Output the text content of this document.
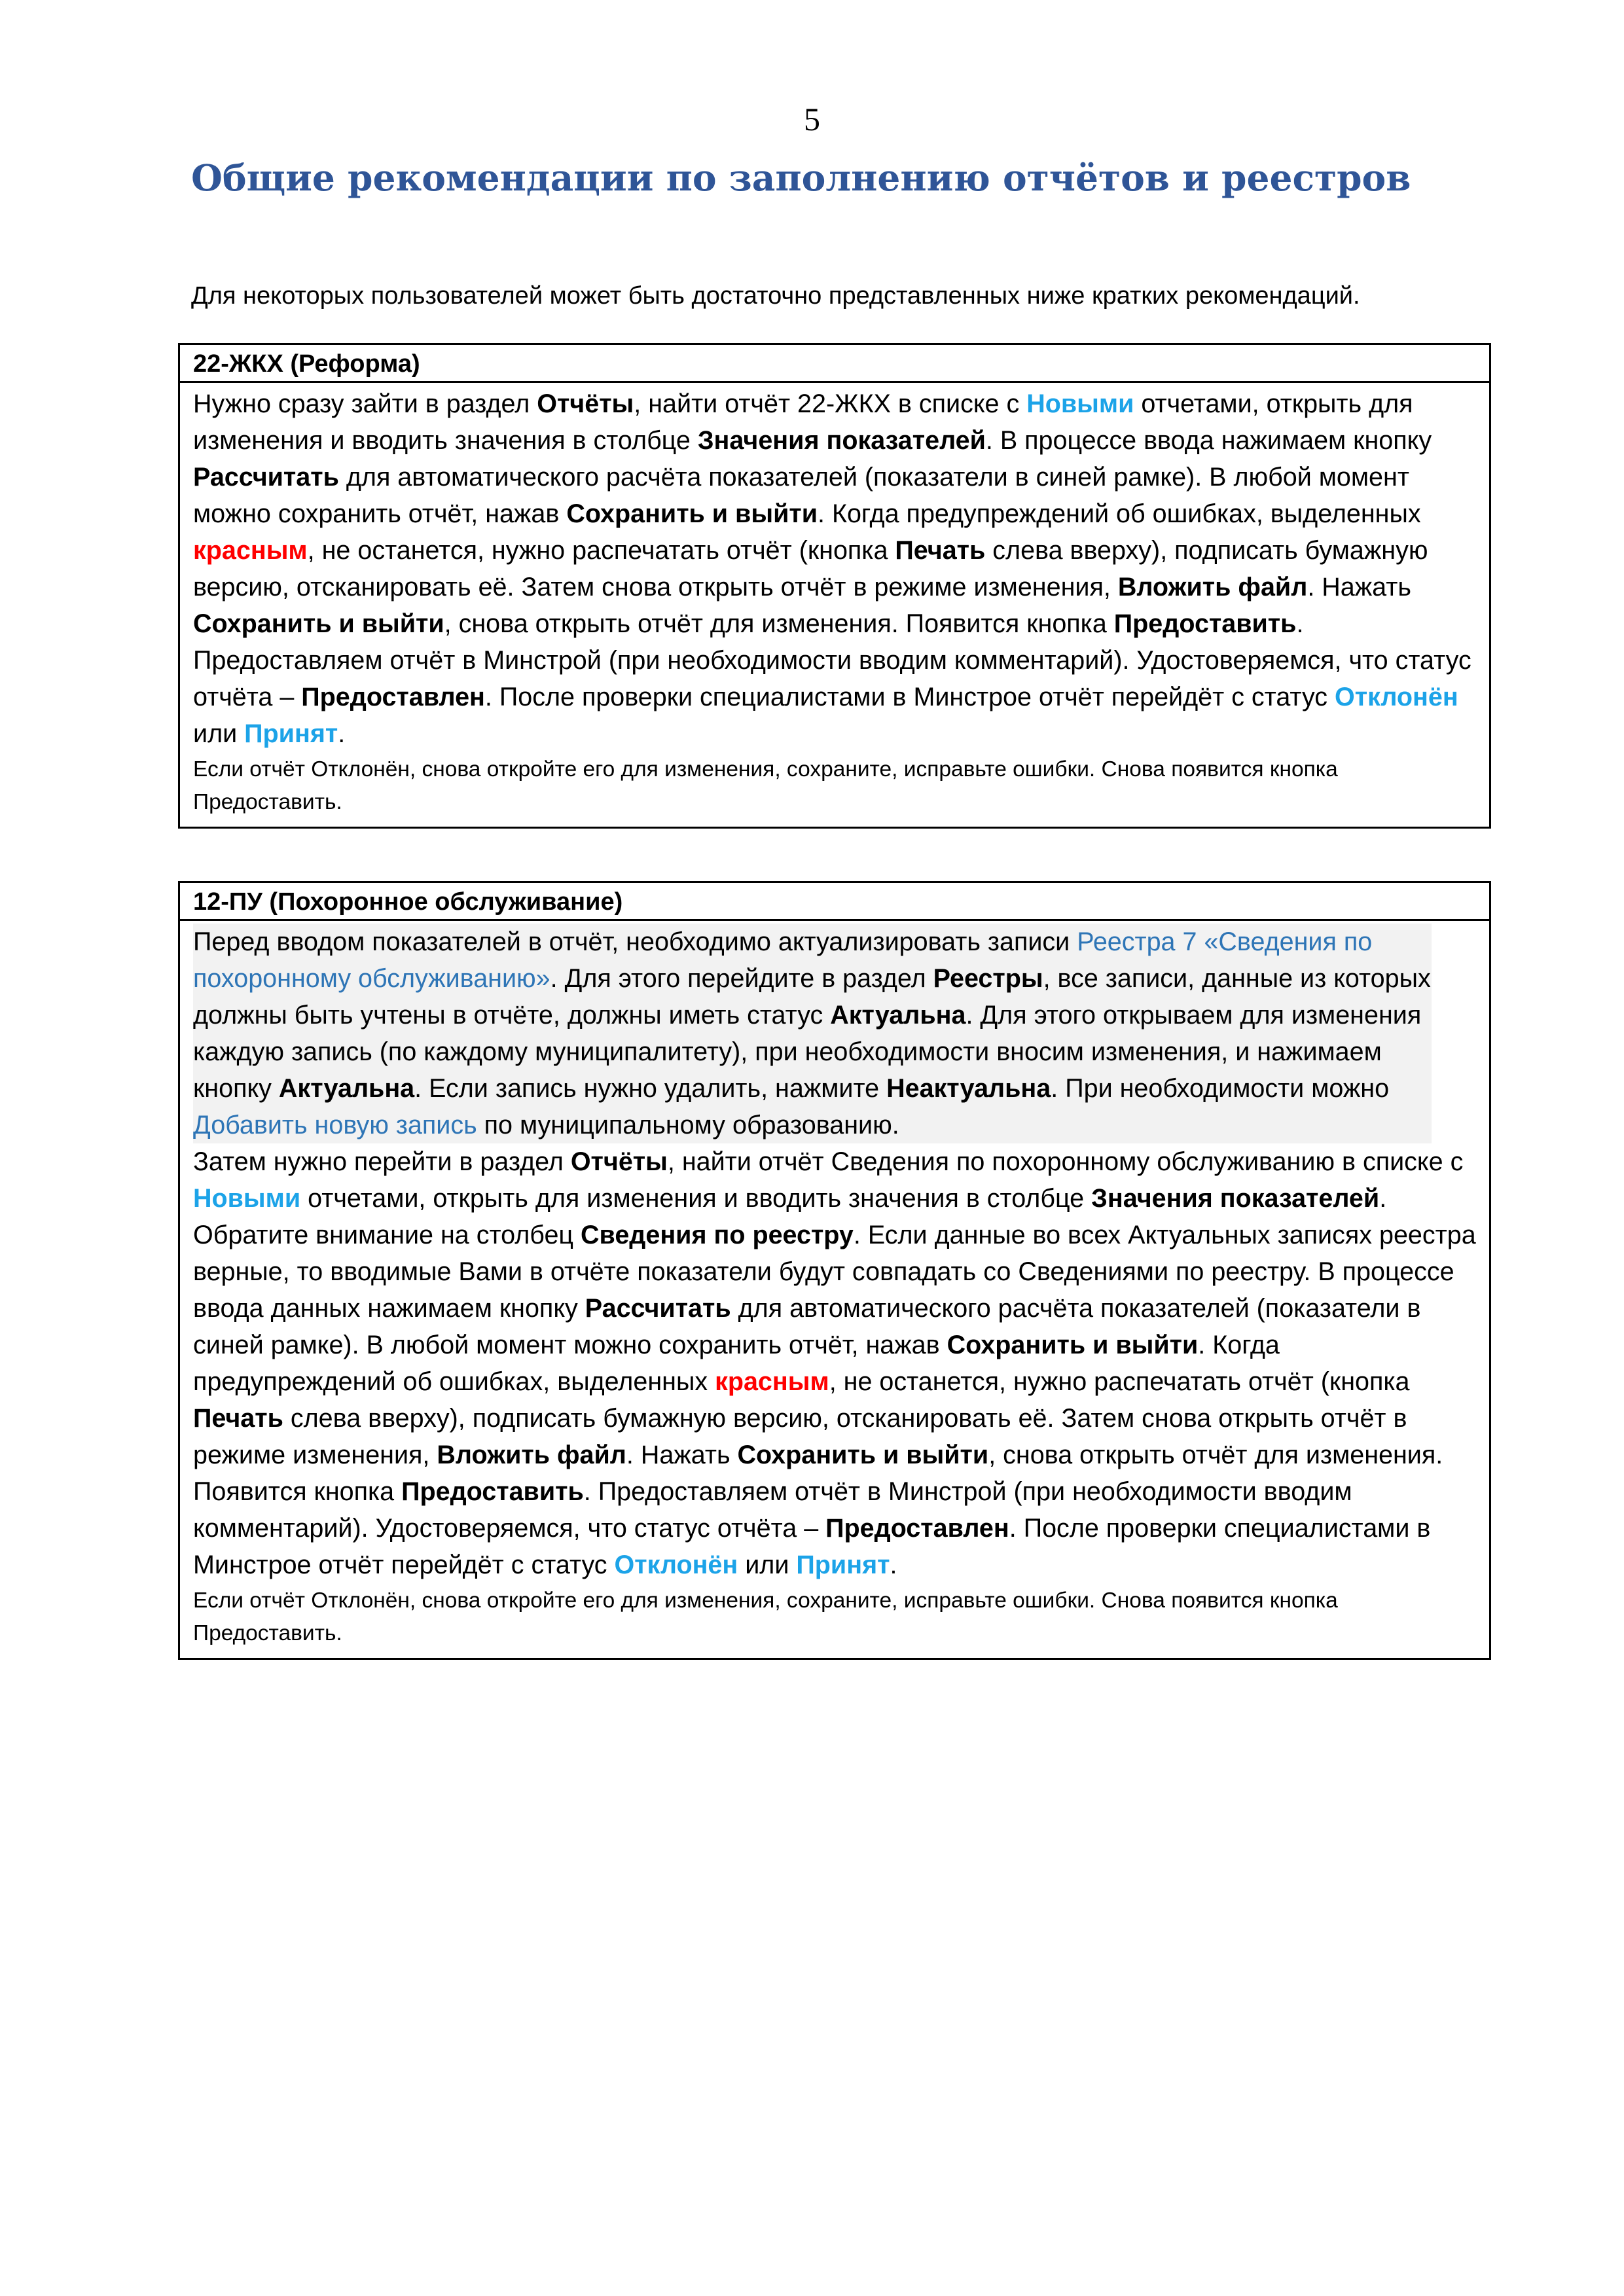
5
Общие рекомендации по заполнению отчётов и реестров
Для некоторых пользователей может быть достаточно представленных ниже кратких рекомендаций.
22-ЖКХ (Реформа)
Нужно сразу зайти в раздел Отчёты, найти отчёт 22-ЖКХ в списке с Новыми отчетами, открыть для изменения и вводить значения в столбце Значения показателей. В процессе ввода нажимаем кнопку Рассчитать для автоматического расчёта показателей (показатели в синей рамке). В любой момент можно сохранить отчёт, нажав Сохранить и выйти. Когда предупреждений об ошибках, выделенных красным, не останется, нужно распечатать отчёт (кнопка Печать слева вверху), подписать бумажную версию, отсканировать её. Затем снова открыть отчёт в режиме изменения, Вложить файл. Нажать Сохранить и выйти, снова открыть отчёт для изменения. Появится кнопка Предоставить. Предоставляем отчёт в Минстрой (при необходимости вводим комментарий). Удостоверяемся, что статус отчёта – Предоставлен. После проверки специалистами в Минстрое отчёт перейдёт с статус Отклонён или Принят.
Если отчёт Отклонён, снова откройте его для изменения, сохраните, исправьте ошибки. Снова появится кнопка Предоставить.
12-ПУ (Похоронное обслуживание)
Перед вводом показателей в отчёт, необходимо актуализировать записи Реестра 7 «Сведения по похоронному обслуживанию». Для этого перейдите в раздел Реестры, все записи, данные из которых должны быть учтены в отчёте, должны иметь статус Актуальна. Для этого открываем для изменения каждую запись (по каждому муниципалитету), при необходимости вносим изменения, и нажимаем кнопку Актуальна. Если запись нужно удалить, нажмите Неактуальна. При необходимости можно Добавить новую запись по муниципальному образованию.
Затем нужно перейти в раздел Отчёты, найти отчёт Сведения по похоронному обслуживанию в списке с Новыми отчетами, открыть для изменения и вводить значения в столбце Значения показателей. Обратите внимание на столбец Сведения по реестру. Если данные во всех Актуальных записях реестра верные, то вводимые Вами в отчёте показатели будут совпадать со Сведениями по реестру. В процессе ввода данных нажимаем кнопку Рассчитать для автоматического расчёта показателей (показатели в синей рамке). В любой момент можно сохранить отчёт, нажав Сохранить и выйти. Когда предупреждений об ошибках, выделенных красным, не останется, нужно распечатать отчёт (кнопка Печать слева вверху), подписать бумажную версию, отсканировать её. Затем снова открыть отчёт в режиме изменения, Вложить файл. Нажать Сохранить и выйти, снова открыть отчёт для изменения. Появится кнопка Предоставить. Предоставляем отчёт в Минстрой (при необходимости вводим комментарий). Удостоверяемся, что статус отчёта – Предоставлен. После проверки специалистами в Минстрое отчёт перейдёт с статус Отклонён или Принят.
Если отчёт Отклонён, снова откройте его для изменения, сохраните, исправьте ошибки. Снова появится кнопка Предоставить.
